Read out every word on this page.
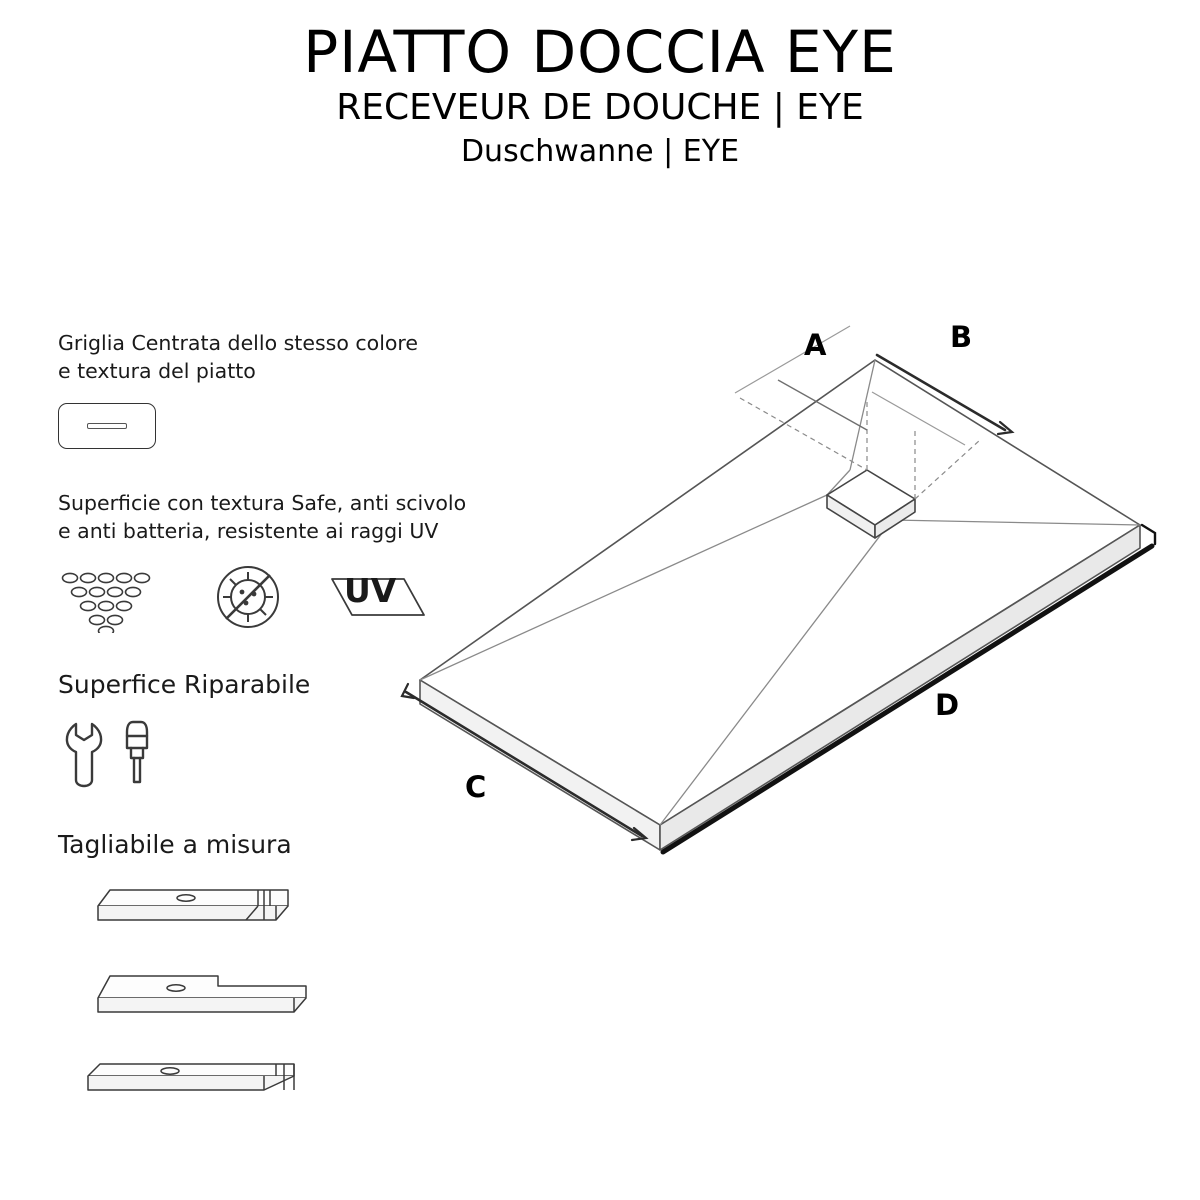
PIATTO DOCCIA EYE
RECEVEUR DE DOUCHE | EYE
Duschwanne | EYE
Griglia Centrata dello stesso colore
e textura del piatto
Superficie con textura Safe, anti scivolo
e anti batteria, resistente ai raggi UV
UV
Superfice Riparabile
Tagliabile a misura
A	B
C
D
